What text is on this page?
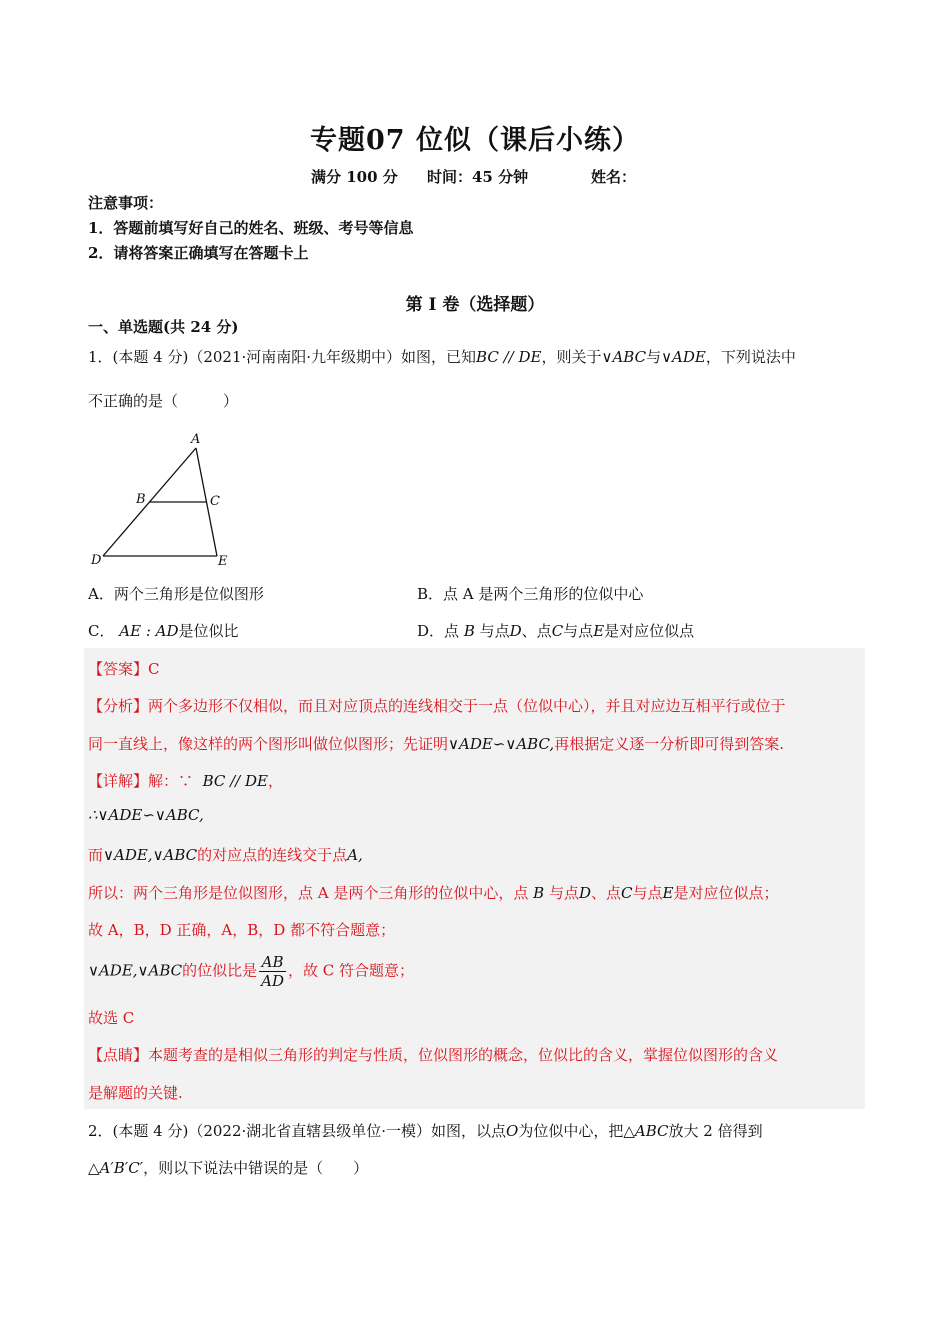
专题07 位似（课后小练）
满分 100 分 时间：45 分钟	姓名：
注意事项：
1．答题前填写好自己的姓名、班级、考号等信息
2．请将答案正确填写在答题卡上
第 I 卷（选择题）
一、单选题(共 24 分)
1．(本题 4 分)（2021·河南南阳·九年级期中）如图，已知BC // DE，则关于∨ABC与∨ADE，下列说法中
不正确的是（　　　）
A
B	C
D	E
A．两个三角形是位似图形	B．点 A 是两个三角形的位似中心
C． AE : AD是位似比	D．点 B 与点D、点C与点E是对应位似点
【答案】C
【分析】两个多边形不仅相似，而且对应顶点的连线相交于一点（位似中心），并且对应边互相平行或位于
同一直线上，像这样的两个图形叫做位似图形；先证明∨ADE∽∨ABC,再根据定义逐一分析即可得到答案.
【详解】解：∵ BC // DE，
∴∨ADE∽∨ABC,
而∨ADE,∨ABC的对应点的连线交于点A,
所以：两个三角形是位似图形，点 A 是两个三角形的位似中心，点 B 与点D、点C与点E是对应位似点；
故 A，B，D 正确，A，B，D 都不符合题意；
∨ADE,∨ABC的位似比是 $\frac{AB}{AD}$ ，故 C 符合题意；
故选 C
【点睛】本题考查的是相似三角形的判定与性质，位似图形的概念，位似比的含义，掌握位似图形的含义
是解题的关键.
2．(本题 4 分)（2022·湖北省直辖县级单位·一模）如图，以点O为位似中心，把△ABC放大 2 倍得到
△A′B′C′，则以下说法中错误的是（　　）
